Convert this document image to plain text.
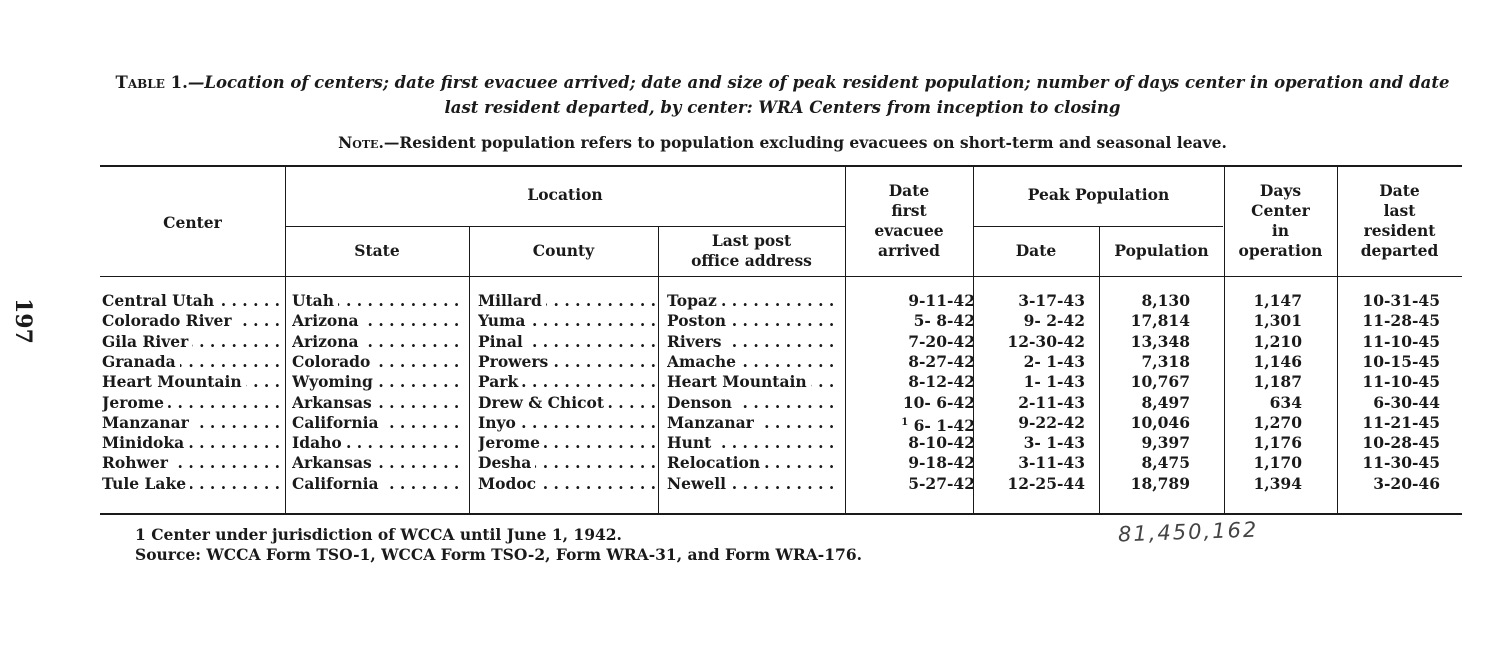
197
Table 1.—Location of centers; date first evacuee arrived; date and size of peak resident population; number of days center in operation and date
last resident departed, by center: WRA Centers from inception to closing
Note.—Resident population refers to population excluding evacuees on short-term and seasonal leave.
Center
Location
State	County
Last post
office address
Date
first
evacuee
arrived
Peak Population
Date	Population
Days
Center
in
operation
Date
last
resident
departed
Central Utah . . .	Utah . . .	Millard . . .	Topaz . . .	9-11-42	3-17-43	8,130	1,147	10-31-45
Colorado River . . .	Arizona . . .	Yuma . . .	Poston . . .	5- 8-42	9- 2-42	17,814	1,301	11-28-45
Gila River . . .	Arizona . . .	Pinal . . .	Rivers . . .	7-20-42	12-30-42	13,348	1,210	11-10-45
Granada . . .	Colorado . . .	Prowers . . .	Amache . . .	8-27-42	2- 1-43	7,318	1,146	10-15-45
Heart Mountain . . .	Wyoming . . .	Park . . .	Heart Mountain . . .	8-12-42	1- 1-43	10,767	1,187	11-10-45
Jerome . . .	Arkansas . . .	Drew & Chicot . . .	Denson . . .	10- 6-42	2-11-43	8,497	634	6-30-44
Manzanar . . .	California . . .	Inyo . . .	Manzanar . . .	$^1$ 6- 1-42	9-22-42	10,046	1,270	11-21-45
Minidoka . . .	Idaho . . .	Jerome . . .	Hunt . . .	8-10-42	3- 1-43	9,397	1,176	10-28-45
Rohwer . . .	Arkansas . . .	Desha . . .	Relocation . . .	9-18-42	3-11-43	8,475	1,170	11-30-45
Tule Lake . . .	California . . .	Modoc . . .	Newell . . .	5-27-42	12-25-44	18,789	1,394	3-20-46
1 Center under jurisdiction of WCCA until June 1, 1942.
Source: WCCA Form TSO-1, WCCA Form TSO-2, Form WRA-31, and Form WRA-176.
81,450,162
